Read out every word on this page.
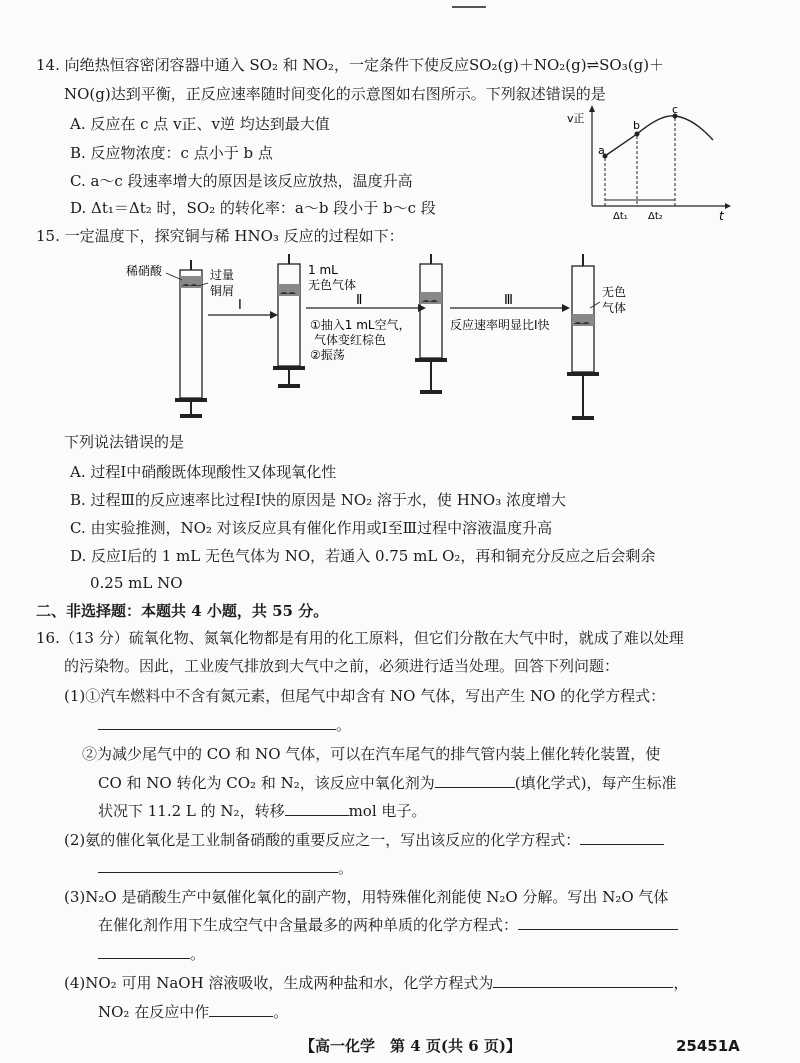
14. 向绝热恒容密闭容器中通入 SO₂ 和 NO₂，一定条件下使反应SO₂(g)＋NO₂(g)⇌SO₃(g)＋
NO(g)达到平衡，正反应速率随时间变化的示意图如右图所示。下列叙述错误的是
A. 反应在 c 点 v正、v逆 均达到最大值
B. 反应物浓度：c 点小于 b 点
C. a～c 段速率增大的原因是该反应放热，温度升高
D. Δt₁＝Δt₂ 时，SO₂ 的转化率：a～b 段小于 b～c 段
v正
t
a
b
c
Δt₁ Δt₂
15. 一定温度下，探究铜与稀 HNO₃ 反应的过程如下：
稀硝酸	过量
铜屑
Ⅰ
1 mL
无色气体
Ⅱ
①抽入1 mL空气，
气体变红棕色
②振荡
Ⅲ
反应速率明显比Ⅰ快
无色
气体
下列说法错误的是
A. 过程Ⅰ中硝酸既体现酸性又体现氧化性
B. 过程Ⅲ的反应速率比过程Ⅰ快的原因是 NO₂ 溶于水，使 HNO₃ 浓度增大
C. 由实验推测，NO₂ 对该反应具有催化作用或Ⅰ至Ⅲ过程中溶液温度升高
D. 反应Ⅰ后的 1 mL 无色气体为 NO，若通入 0.75 mL O₂，再和铜充分反应之后会剩余
0.25 mL NO
二、非选择题：本题共 4 小题，共 55 分。
16.（13 分）硫氧化物、氮氧化物都是有用的化工原料，但它们分散在大气中时，就成了难以处理
的污染物。因此，工业废气排放到大气中之前，必须进行适当处理。回答下列问题：
(1)①汽车燃料中不含有氮元素，但尾气中却含有 NO 气体，写出产生 NO 的化学方程式：
。
②为减少尾气中的 CO 和 NO 气体，可以在汽车尾气的排气管内装上催化转化装置，使
CO 和 NO 转化为 CO₂ 和 N₂，该反应中氧化剂为	(填化学式)，每产生标准
状况下 11.2 L 的 N₂，转移	mol 电子。
(2)氨的催化氧化是工业制备硝酸的重要反应之一，写出该反应的化学方程式：
。
(3)N₂O 是硝酸生产中氨催化氧化的副产物，用特殊催化剂能使 N₂O 分解。写出 N₂O 气体
在催化剂作用下生成空气中含量最多的两种单质的化学方程式：
。
(4)NO₂ 可用 NaOH 溶液吸收，生成两种盐和水，化学方程式为	，
NO₂ 在反应中作	。
【高一化学　第 4 页(共 6 页)】	25451A
